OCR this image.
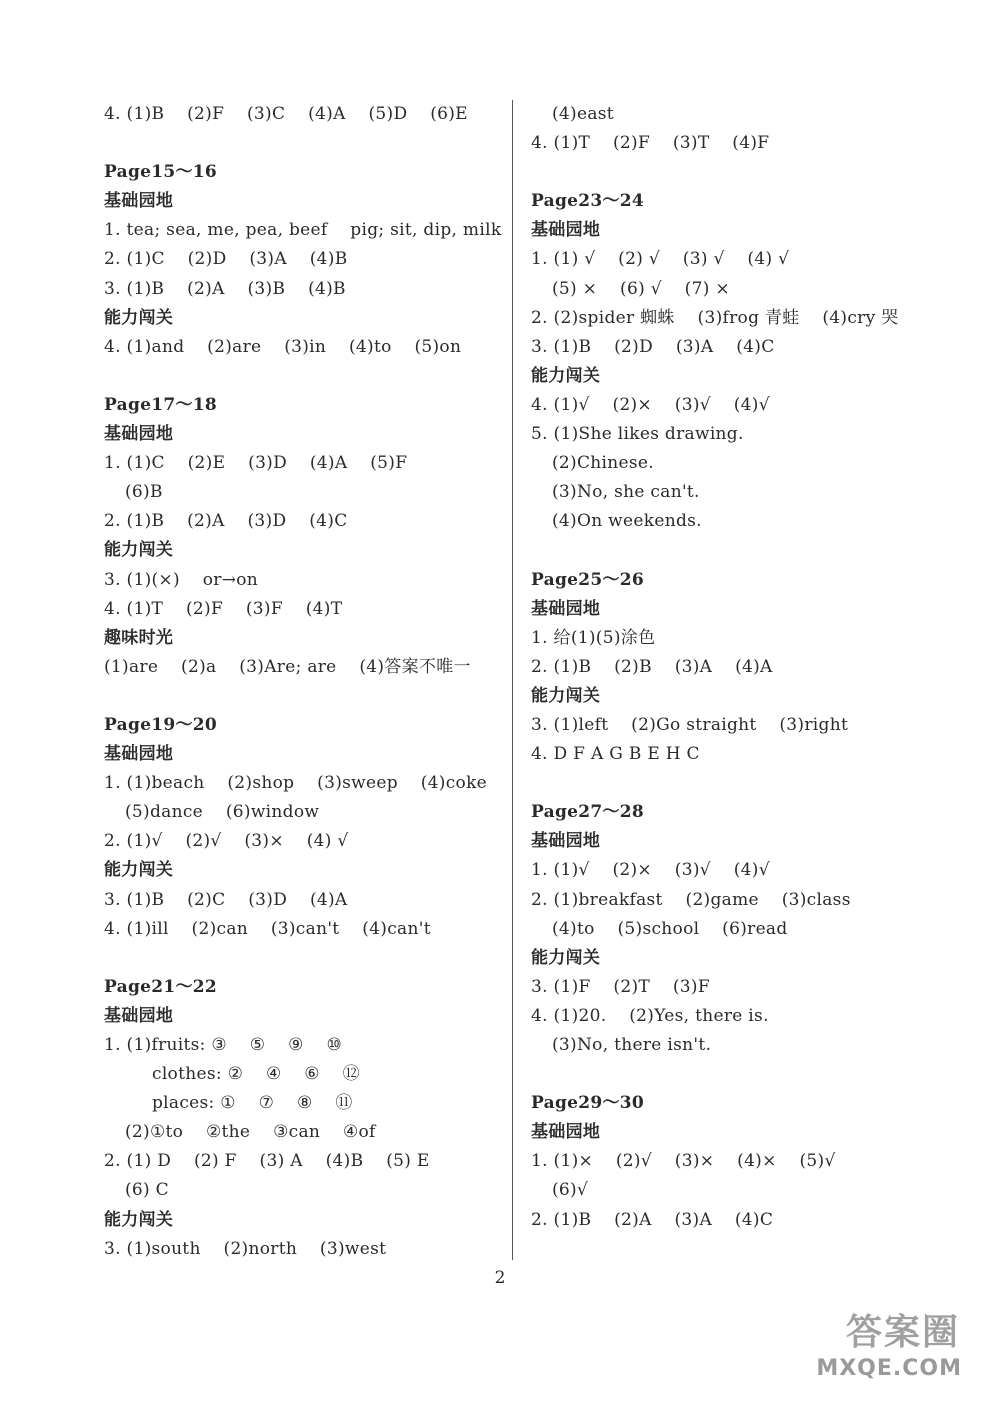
4. (1)B    (2)F    (3)C    (4)A    (5)D    (6)E
Page15～16
基础园地
1. tea; sea, me, pea, beef    pig; sit, dip, milk
2. (1)C    (2)D    (3)A    (4)B
3. (1)B    (2)A    (3)B    (4)B
能力闯关
4. (1)and    (2)are    (3)in    (4)to    (5)on
Page17～18
基础园地
1. (1)C    (2)E    (3)D    (4)A    (5)F
(6)B
2. (1)B    (2)A    (3)D    (4)C
能力闯关
3. (1)(×)    or→on
4. (1)T    (2)F    (3)F    (4)T
趣味时光
(1)are    (2)a    (3)Are; are    (4)答案不唯一
Page19～20
基础园地
1. (1)beach    (2)shop    (3)sweep    (4)coke
(5)dance    (6)window
2. (1)√    (2)√    (3)×    (4) √
能力闯关
3. (1)B    (2)C    (3)D    (4)A
4. (1)ill    (2)can    (3)can't    (4)can't
Page21～22
基础园地
1. (1)fruits: ③    ⑤    ⑨    ⑩
clothes: ②    ④    ⑥    ⑫
places: ①    ⑦    ⑧    ⑪
(2)①to    ②the    ③can    ④of
2. (1) D    (2) F    (3) A    (4)B    (5) E
(6) C
能力闯关
3. (1)south    (2)north    (3)west
(4)east
4. (1)T    (2)F    (3)T    (4)F
Page23～24
基础园地
1. (1) √    (2) √    (3) √    (4) √
(5) ×    (6) √    (7) ×
2. (2)spider 蜘蛛    (3)frog 青蛙    (4)cry 哭
3. (1)B    (2)D    (3)A    (4)C
能力闯关
4. (1)√    (2)×    (3)√    (4)√
5. (1)She likes drawing.
(2)Chinese.
(3)No, she can't.
(4)On weekends.
Page25～26
基础园地
1. 给(1)(5)涂色
2. (1)B    (2)B    (3)A    (4)A
能力闯关
3. (1)left    (2)Go straight    (3)right
4. D F A G B E H C
Page27～28
基础园地
1. (1)√    (2)×    (3)√    (4)√
2. (1)breakfast    (2)game    (3)class
(4)to    (5)school    (6)read
能力闯关
3. (1)F    (2)T    (3)F
4. (1)20.    (2)Yes, there is.
(3)No, there isn't.
Page29～30
基础园地
1. (1)×    (2)√    (3)×    (4)×    (5)√
(6)√
2. (1)B    (2)A    (3)A    (4)C
2
答案圈
MXQE.COM
